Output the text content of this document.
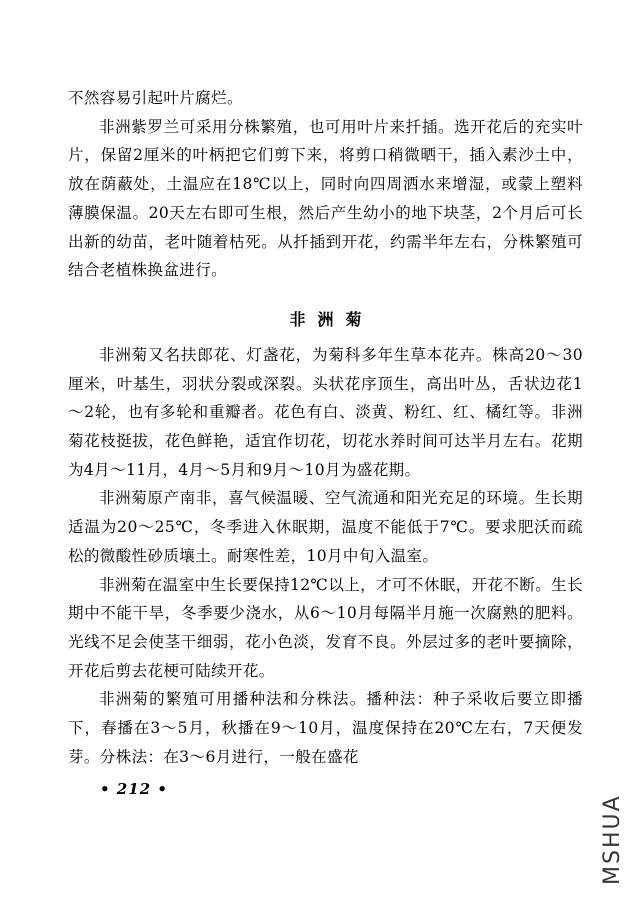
不然容易引起叶片腐烂。

非洲紫罗兰可采用分株繁殖，也可用叶片来扦插。选开花后的充实叶片，保留2厘米的叶柄把它们剪下来，将剪口稍微晒干，插入素沙土中，放在荫蔽处，土温应在18℃以上，同时向四周洒水来增湿，或蒙上塑料薄膜保温。20天左右即可生根，然后产生幼小的地下块茎，2个月后可长出新的幼苗，老叶随着枯死。从扦插到开花，约需半年左右，分株繁殖可结合老植株换盆进行。

非洲菊

非洲菊又名扶郎花、灯盏花，为菊科多年生草本花卉。株高20～30厘米，叶基生，羽状分裂或深裂。头状花序顶生，高出叶丛，舌状边花1～2轮，也有多轮和重瓣者。花色有白、淡黄、粉红、红、橘红等。非洲菊花枝挺拔，花色鲜艳，适宜作切花，切花水养时间可达半月左右。花期为4月～11月，4月～5月和9月～10月为盛花期。

非洲菊原产南非，喜气候温暖、空气流通和阳光充足的环境。生长期适温为20～25℃，冬季进入休眠期，温度不能低于7℃。要求肥沃而疏松的微酸性砂质壤土。耐寒性差，10月中旬入温室。

非洲菊在温室中生长要保持12℃以上，才可不休眠，开花不断。生长期中不能干旱，冬季要少浇水，从6～10月每隔半月施一次腐熟的肥料。光线不足会使茎干细弱，花小色淡，发育不良。外层过多的老叶要摘除，开花后剪去花梗可陆续开花。

非洲菊的繁殖可用播种法和分株法。播种法：种子采收后要立即播下，春播在3～5月，秋播在9～10月，温度保持在20℃左右，7天便发芽。分株法：在3～6月进行，一般在盛花

• 212 •
MSHUA
